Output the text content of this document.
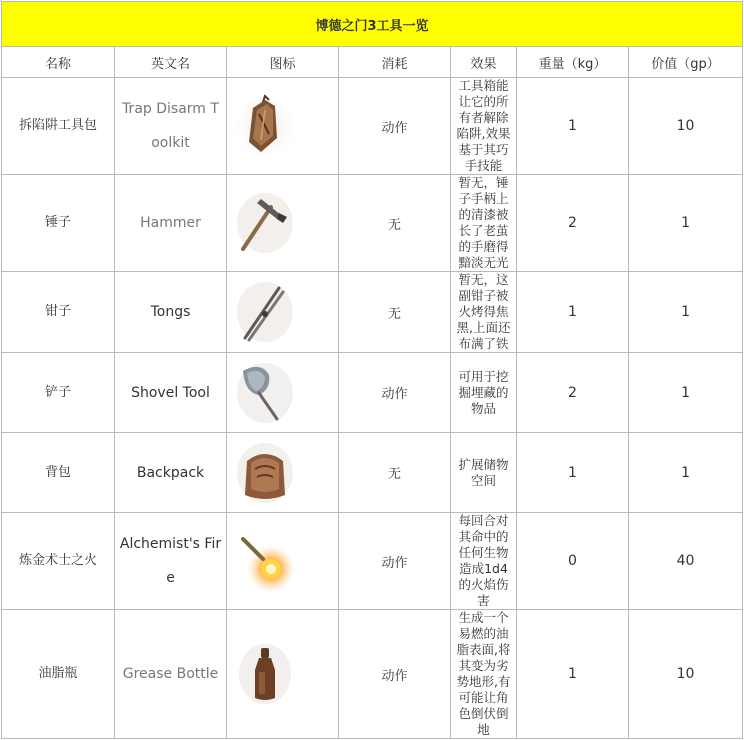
博德之门3工具一览						
名称	英文名	图标	消耗	效果	重量（kg）	价值（gp）
拆陷阱工具包	Trap Disarm Toolkit		动作	工具箱能让它的所有者解除陷阱,效果基于其巧手技能	1	10
锤子	Hammer		无	暂无，锤子手柄上的清漆被长了老茧的手磨得黯淡无光	2	1
钳子	Tongs		无	暂无，这副钳子被火烤得焦黑,上面还布满了铁	1	1
铲子	Shovel Tool		动作	可用于挖掘埋藏的物品	2	1
背包	Backpack		无	扩展储物空间	1	1
炼金术士之火	Alchemist's Fire		动作	每回合对其命中的任何生物造成1d4的火焰伤害	0	40
油脂瓶	Grease Bottle		动作	生成一个易燃的油脂表面,将其变为劣势地形,有可能让角色倒伏倒地	1	10
